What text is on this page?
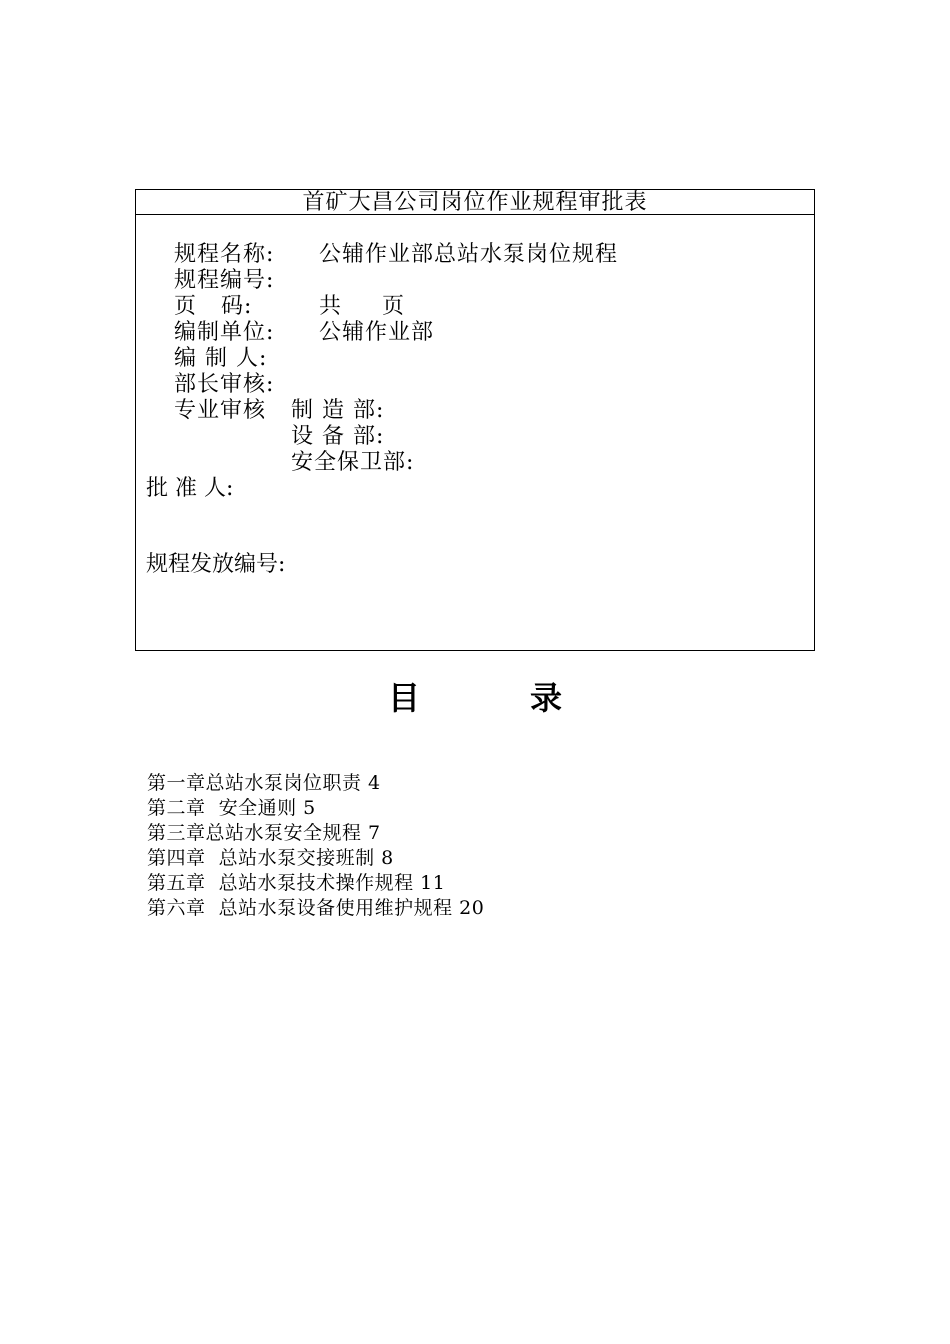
首矿大昌公司岗位作业规程审批表

规程名称: 公辅作业部总站水泵岗位规程

规程编号:

页   码:	共     页

编制单位: 公辅作业部

编 制 人:

部长审核:

专业审核
	制 造 部:
设 备 部:
安全保卫部:
批 准 人:
规程发放编号:
目	录
第一章总站水泵岗位职责 4
第二章  安全通则 5
第三章总站水泵安全规程 7
第四章  总站水泵交接班制 8
第五章  总站水泵技术操作规程 11
第六章  总站水泵设备使用维护规程 20
